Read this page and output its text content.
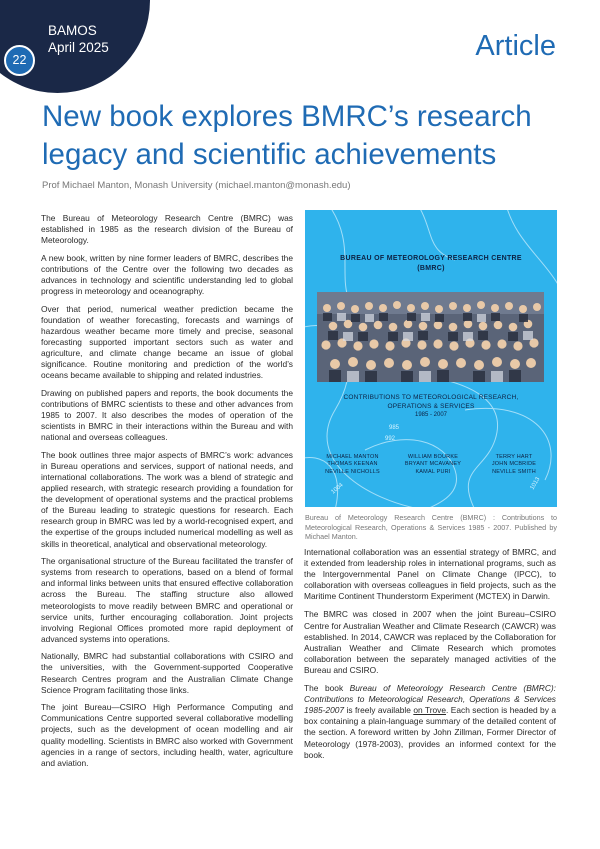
BAMOS
April 2025
22	Article
New book explores BMRC’s research
legacy and scientific achievements
Prof Michael Manton, Monash University (michael.manton@monash.edu)

The Bureau of Meteorology Research Centre (BMRC) was established in 1985 as the research division of the Bureau of Meteorology.

A new book, written by nine former leaders of BMRC, describes the contributions of the Centre over the following two decades as advances in technology and scientific understanding led to global progress in meteorology and oceanography.

Over that period, numerical weather prediction became the foundation of weather forecasting, forecasts and warnings of hazardous weather became more timely and precise, seasonal forecasting supported important sectors such as water and agriculture, and climate change became an issue of global significance. Routine monitoring and prediction of the world’s oceans became available to shipping and related industries.

Drawing on published papers and reports, the book documents the contributions of BMRC scientists to these and other advances from 1985 to 2007. It also describes the modes of operation of the scientists in BMRC in their interactions within the Bureau and with national and overseas colleagues.

The book outlines three major aspects of BMRC’s work: advances in Bureau operations and services, support of national needs, and international collaborations. The work was a blend of strategic and applied research, with strategic research providing a foundation for the development of operational systems and the practical problems of the Bureau leading to strategic questions for research. Each research group in BMRC was led by a world-recognised expert, and the expertise of the groups included numerical modelling as well as skills in theoretical, analytical and observational meteorology.

The organisational structure of the Bureau facilitated the transfer of systems from research to operations, based on a blend of formal and informal links between units that ensured effective collaboration across the Bureau. The staffing structure also allowed meteorologists to move readily between BMRC and operational or service units, further encouraging collaboration. Joint projects involving Regional Offices promoted more rapid deployment of advanced systems into operations.

Nationally, BMRC had substantial collaborations with CSIRO and the universities, with the Government-supported Cooperative Research Centres program and the Australian Climate Change Science Program facilitating those links.

The joint Bureau—CSIRO High Performance Computing and Communications Centre supported several collaborative modelling projects, such as the development of ocean modelling and air quality modelling. Scientists in BMRC also worked with Government agencies in a range of sectors, including health, water, agriculture and aviation.

985
992
1004	1013
BUREAU OF METEOROLOGY RESEARCH CENTRE
(BMRC)
CONTRIBUTIONS TO METEOROLOGICAL RESEARCH,
OPERATIONS & SERVICES
1985 - 2007
MICHAEL MANTON
THOMAS KEENAN
NEVILLE NICHOLLS
WILLIAM BOURKE
BRYANT MCAVANEY
KAMAL PURI
TERRY HART
JOHN MCBRIDE
NEVILLE SMITH
Bureau of Meteorology Research Centre (BMRC) : Contributions to Meteorological Research, Operations & Services 1985 - 2007. Published by Michael Manton.

International collaboration was an essential strategy of BMRC, and it extended from leadership roles in international programs, such as the Intergovernmental Panel on Climate Change (IPCC), to collaboration with overseas colleagues in field projects, such as the Maritime Continent Thunderstorm Experiment (MCTEX) in Darwin.

The BMRC was closed in 2007 when the joint Bureau–CSIRO Centre for Australian Weather and Climate Research (CAWCR) was established. In 2014, CAWCR was replaced by the Collaboration for Australian Weather and Climate Research which promotes collaboration between the separately managed activities of the Bureau and CSIRO.

The book Bureau of Meteorology Research Centre (BMRC): Contributions to Meteorological Research, Operations & Services 1985-2007 is freely available on Trove. Each section is headed by a box containing a plain-language summary of the detailed content of the section. A foreword written by John Zillman, Former Director of Meteorology (1978-2003), provides an informed context for the book.
